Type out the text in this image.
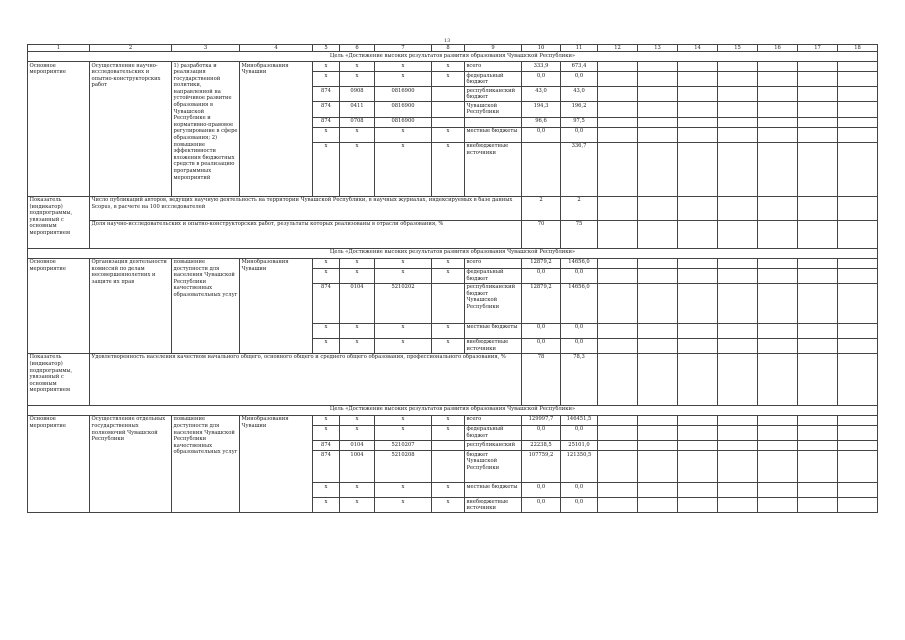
13
1	2	3	4	5	6	7	8	9	10	11	12	13	14	15	16	17	18
Цель «Достижение высоких результатов развития образования Чувашской Республики»																	
Основное мероприятие	Осуществление научно-исследовательских и опытно-конструкторских работ	1) разработка и реализация государственной политики, направленной на устойчивое развитие образования в Чувашской Республике и нормативно-правовое регулирование в сфере образования; 2) повышение эффективности вложения бюджетных средств в реализацию программных мероприятий	Минобразования Чувашии	x	x	x	x	всего	333,9	673,4							
				x	x	x	x	федеральный бюджет	0,0	0,0							
				874	0908	0816900		республиканский бюджет	43,0	43,0							
				874	0411	0816900		Чувашской Республики	194,3	196,2							
				874	0708	0816900			96,6	97,5							
				x	x	x	x	местные бюджеты	0,0	0,0							
				x	x	x	x	внебюджетные источники		336,7							
Показатель (индикатор) подпрограммы, увязанный с основным мероприятием	Число публикаций авторов, ведущих научную деятельность на территории Чувашской Республики, в научных журналах, индексируемых в базе данных Scopus, в расчете на 100 исследователей								2	2							
	Доля научно-исследовательских и опытно-конструкторских работ, результаты которых реализованы в отрасли образования, %								70	75							
Цель «Достижение высоких результатов развития образования Чувашской Республики»																	
Основное мероприятие	Организация деятельности комиссий по делам несовершеннолетних и защите их прав	повышение доступности для населения Чувашской Республики качественных образовательных услуг	Минобразования Чувашии	x	x	x	x	всего	12879,2	14656,0							
				x	x	x	x	федеральный бюджет	0,0	0,0							
				874	0104	5210202		республиканский бюджет Чувашской Республики	12879,2	14656,0							
				x	x	x	x	местные бюджеты	0,0	0,0							
				x	x	x	x	внебюджетные источники	0,0	0,0							
Показатель (индикатор) подпрограммы, увязанный с основным мероприятием	Удовлетворенность населения качеством начального общего, основного общего и среднего общего образования, профессионального образования, %								78	78,3							
Цель «Достижение высоких результатов развития образования Чувашской Республики»																	
Основное мероприятие	Осуществление отдельных государственных полномочий Чувашской Республики	повышение доступности для населения Чувашской Республики качественных образовательных услуг	Минобразования Чувашии	x	x	x	x	всего	129997,7	146451,5							
				x	x	x	x	федеральный бюджет	0,0	0,0							
				874	0104	5210207		республиканский	22238,5	25101,0							
				874	1004	5210208		бюджет Чувашской Республики	107759,2	121350,5							
				x	x	x	x	местные бюджеты	0,0	0,0							
				x	x	x	x	внебюджетные источники	0,0	0,0							
